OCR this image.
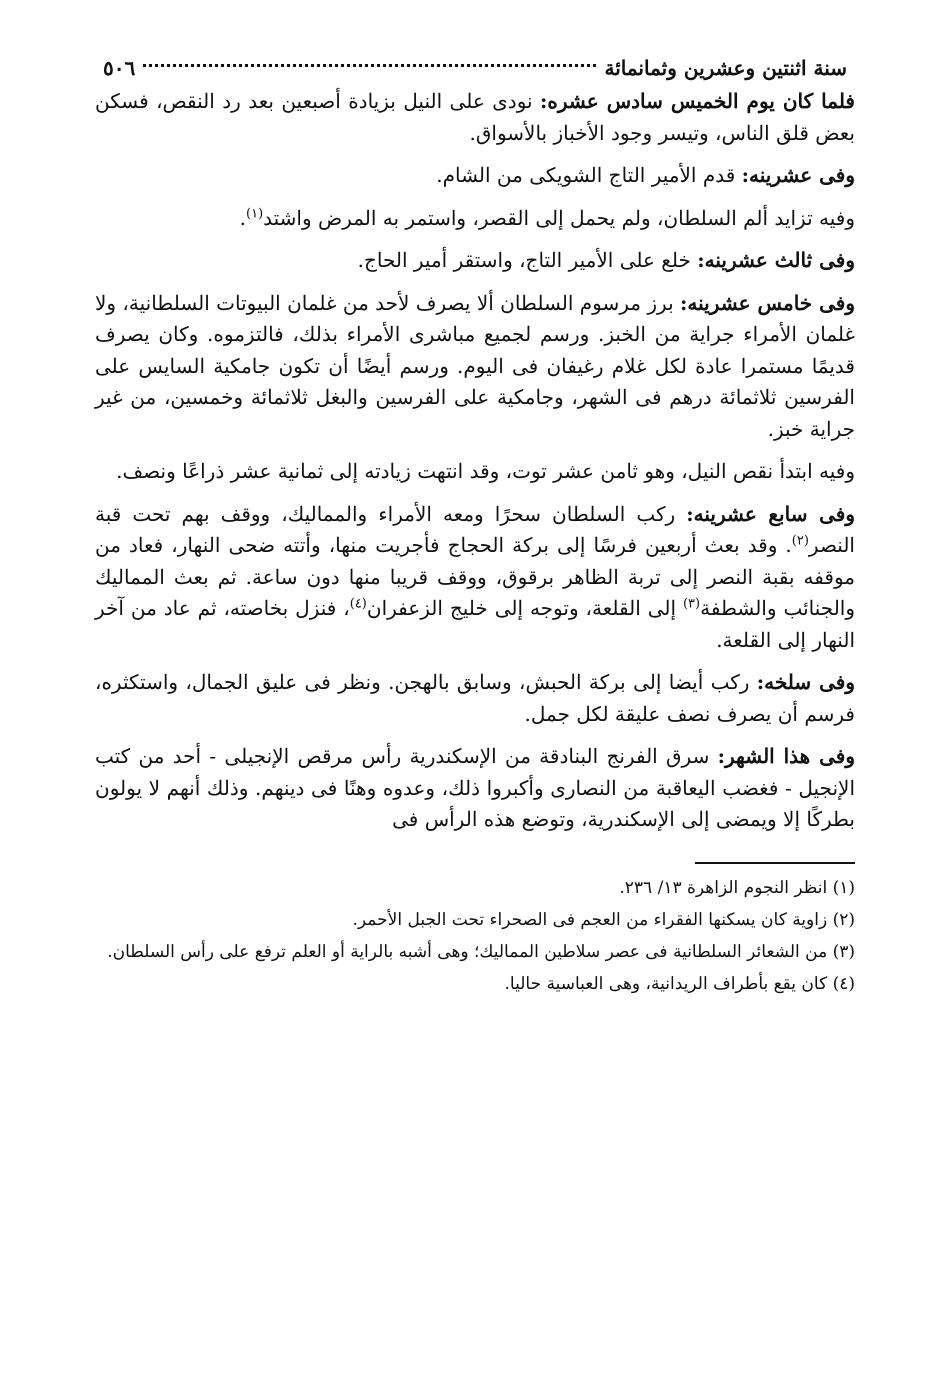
سنة اثنتين وعشرين وثمانمائة
٥٠٦

فلما كان يوم الخميس سادس عشره: نودى على النيل بزيادة أصبعين بعد رد النقص، فسكن بعض قلق الناس، وتيسر وجود الأخباز بالأسواق.

وفى عشرينه: قدم الأمير التاج الشويكى من الشام.

وفيه تزايد ألم السلطان، ولم يحمل إلى القصر، واستمر به المرض واشتد$^{(١)}$.

وفى ثالث عشرينه: خلع على الأمير التاج، واستقر أمير الحاج.

وفى خامس عشرينه: برز مرسوم السلطان ألا يصرف لأحد من غلمان البيوتات السلطانية، ولا غلمان الأمراء جراية من الخبز. ورسم لجميع مباشرى الأمراء بذلك، فالتزموه. وكان يصرف قديمًا مستمرا عادة لكل غلام رغيفان فى اليوم. ورسم أيضًا أن تكون جامكية السايس على الفرسين ثلاثمائة درهم فى الشهر، وجامكية على الفرسين والبغل ثلاثمائة وخمسين، من غير جراية خبز.

وفيه ابتدأ نقص النيل، وهو ثامن عشر توت، وقد انتهت زيادته إلى ثمانية عشر ذراعًا ونصف.

وفى سابع عشرينه: ركب السلطان سحرًا ومعه الأمراء والمماليك، ووقف بهم تحت قبة النصر$^{(٢)}$. وقد بعث أربعين فرسًا إلى بركة الحجاج فأجريت منها، وأتته ضحى النهار، فعاد من موقفه بقبة النصر إلى تربة الظاهر برقوق، ووقف قريبا منها دون ساعة. ثم بعث المماليك والجنائب والشطفة$^{(٣)}$ إلى القلعة، وتوجه إلى خليج الزعفران$^{(٤)}$، فنزل بخاصته، ثم عاد من آخر النهار إلى القلعة.

وفى سلخه: ركب أيضا إلى بركة الحبش، وسابق بالهجن. ونظر فى عليق الجمال، واستكثره، فرسم أن يصرف نصف عليقة لكل جمل.

وفى هذا الشهر: سرق الفرنج البنادقة من الإسكندرية رأس مرقص الإنجيلى - أحد من كتب الإنجيل - فغضب اليعاقبة من النصارى وأكبروا ذلك، وعدوه وهنًا فى دينهم. وذلك أنهم لا يولون بطركًا إلا ويمضى إلى الإسكندرية، وتوضع هذه الرأس فى

(١) انظر النجوم الزاهرة ١٣/ ٢٣٦.

(٢) زاوية كان يسكنها الفقراء من العجم فى الصحراء تحت الجبل الأحمر.

(٣) من الشعائر السلطانية فى عصر سلاطين المماليك؛ وهى أشبه بالراية أو العلم ترفع على رأس السلطان.

(٤) كان يقع بأطراف الريدانية، وهى العباسية حاليا.
